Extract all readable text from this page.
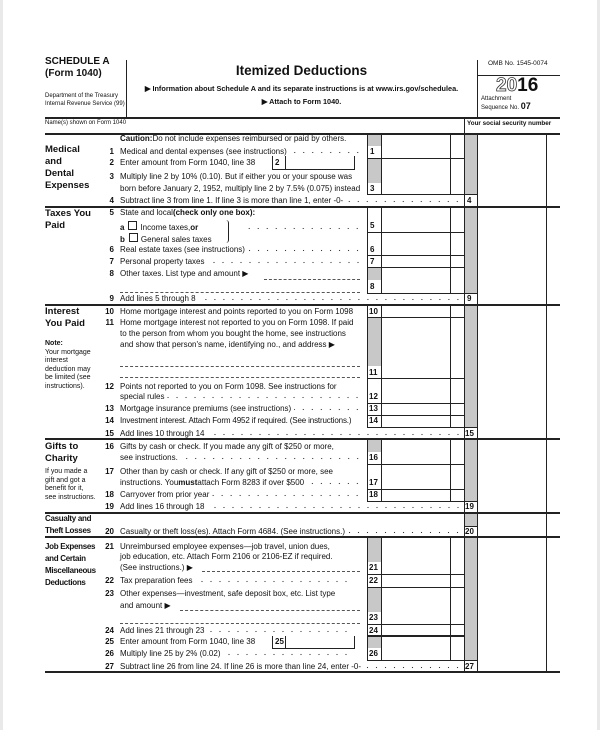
SCHEDULE A
(Form 1040)
Department of the Treasury
Internal Revenue Service (99)
Itemized Deductions
▶ Information about Schedule A and its separate instructions is at www.irs.gov/schedulea.
▶ Attach to Form 1040.
OMB No. 1545-0074
2016
Attachment
Sequence No. 07
Name(s) shown on Form 1040	Your social security number
Medical
and
Dental
Expenses
Taxes You
Paid
Interest
You Paid
Note:
Your mortgage
interest
deduction may
be limited (see
instructions).
Gifts to
Charity
If you made a
gift and got a
benefit for it,
see instructions.
Casualty and
Theft Losses
Job Expenses
and Certain
Miscellaneous
Deductions
Caution: Do not include expenses reimbursed or paid by others.
1 Medical and dental expenses (see instructions)
2 Enter amount from Form 1040, line 38 2
3 Multiply line 2 by 10% (0.10). But if either you or your spouse was
born before January 2, 1952, multiply line 2 by 7.5% (0.075) instead
4 Subtract line 3 from line 1. If line 3 is more than line 1, enter -0-
5 State and local (check only one box):
a Income taxes, or
b General sales taxes
6 Real estate taxes (see instructions)
7 Personal property taxes
8 Other taxes. List type and amount ▶
9 Add lines 5 through 8
10 Home mortgage interest and points reported to you on Form 1098
11 Home mortgage interest not reported to you on Form 1098. If paid
to the person from whom you bought the home, see instructions
and show that person's name, identifying no., and address ▶
12 Points not reported to you on Form 1098. See instructions for
special rules
13 Mortgage insurance premiums (see instructions)
14 Investment interest. Attach Form 4952 if required. (See instructions.)
15 Add lines 10 through 14
16 Gifts by cash or check. If you made any gift of $250 or more,
see instructions.
17 Other than by cash or check. If any gift of $250 or more, see
instructions. You must attach Form 8283 if over $500
18 Carryover from prior year
19 Add lines 16 through 18
20 Casualty or theft loss(es). Attach Form 4684. (See instructions.)
21 Unreimbursed employee expenses—job travel, union dues,
job education, etc. Attach Form 2106 or 2106-EZ if required.
(See instructions.) ▶
22 Tax preparation fees
23 Other expenses—investment, safe deposit box, etc. List type
and amount ▶
24 Add lines 21 through 23
25 Enter amount from Form 1040, line 38 25
26 Multiply line 25 by 2% (0.02)
27 Subtract line 26 from line 24. If line 26 is more than line 24, enter -0-
1
3
5
6
7
8
10
11
12
13
14
16
17
18
21
22
23
24
26
4
9
15
19
20
27
